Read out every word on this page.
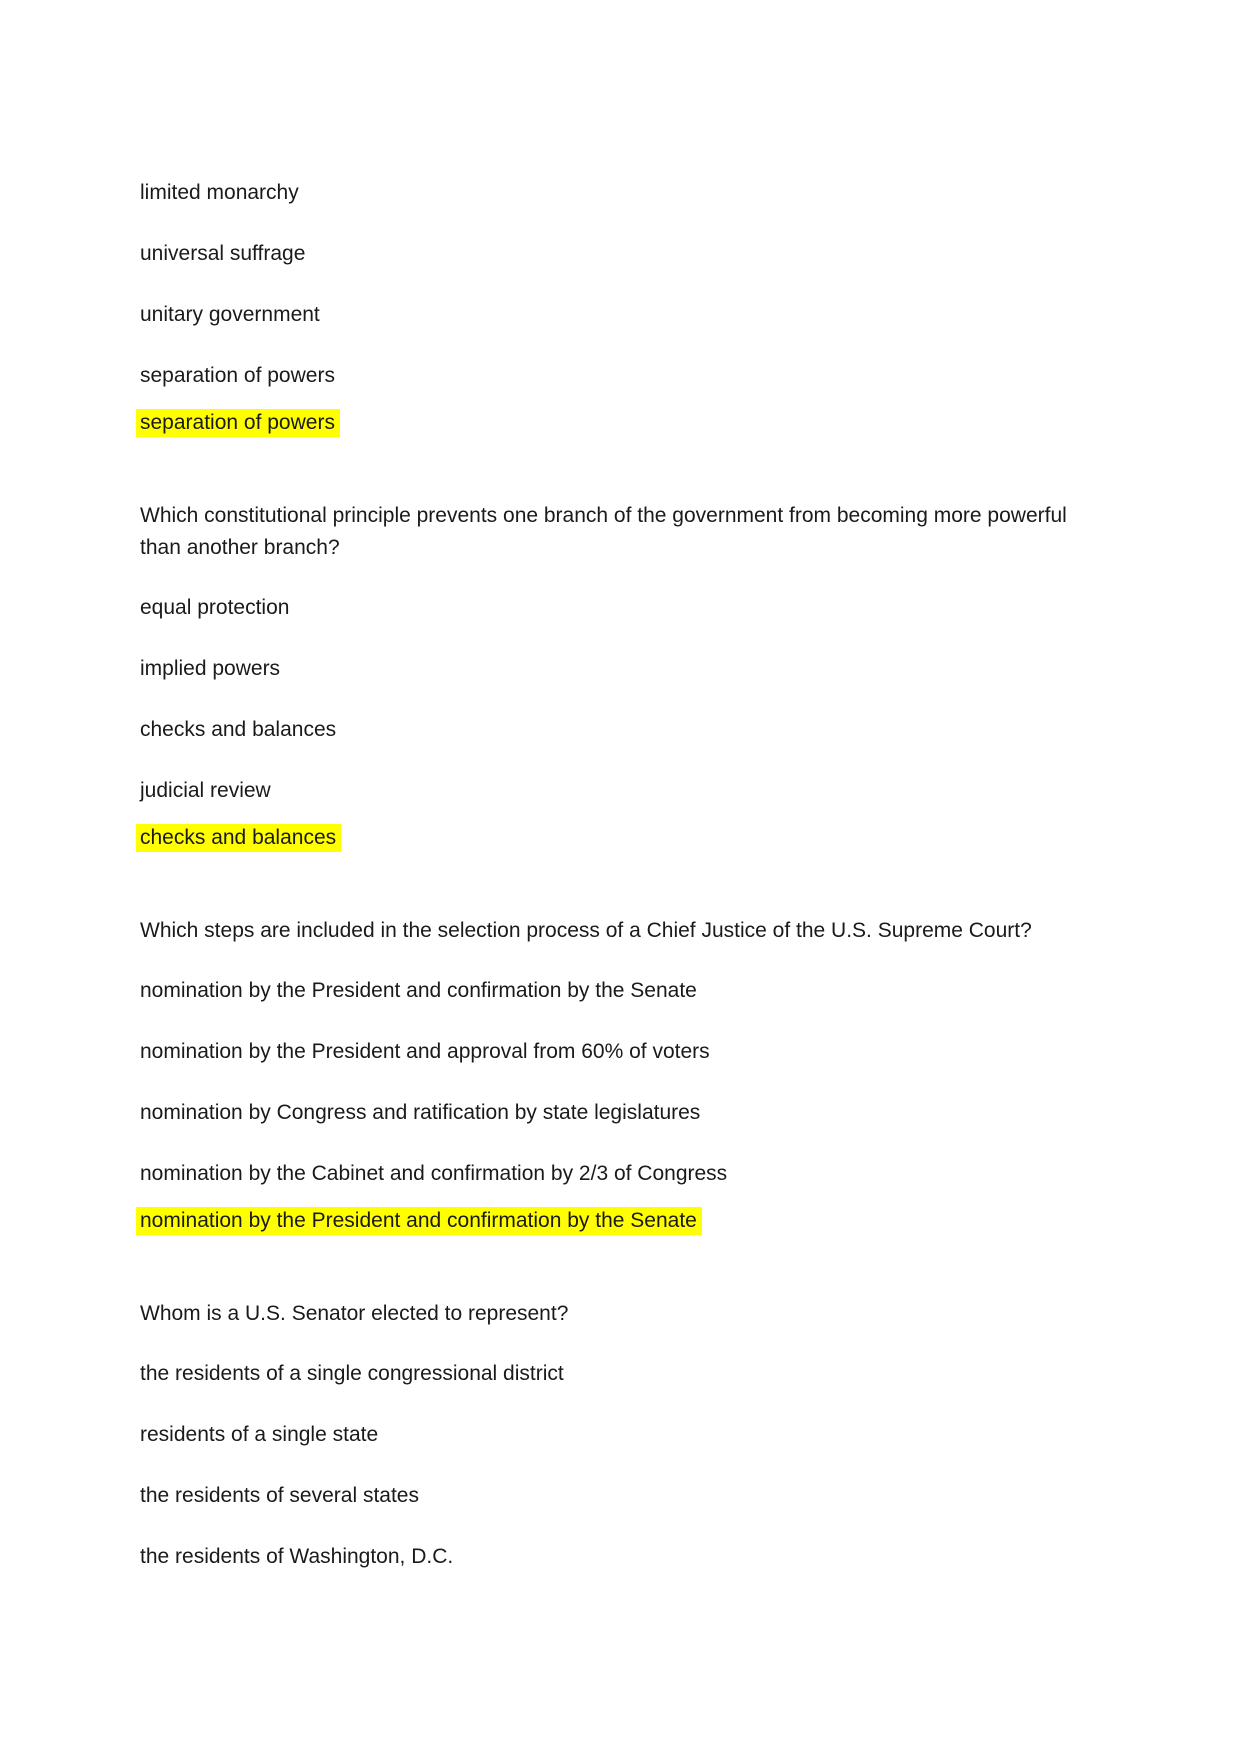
limited monarchy

universal suffrage

unitary government

separation of powers

separation of powers

Which constitutional principle prevents one branch of the government from becoming more powerful than another branch?

equal protection

implied powers

checks and balances

judicial review

checks and balances

Which steps are included in the selection process of a Chief Justice of the U.S. Supreme Court?

nomination by the President and confirmation by the Senate

nomination by the President and approval from 60% of voters

nomination by Congress and ratification by state legislatures

nomination by the Cabinet and confirmation by 2/3 of Congress

nomination by the President and confirmation by the Senate

Whom is a U.S. Senator elected to represent?

the residents of a single congressional district

residents of a single state

the residents of several states

the residents of Washington, D.C.
